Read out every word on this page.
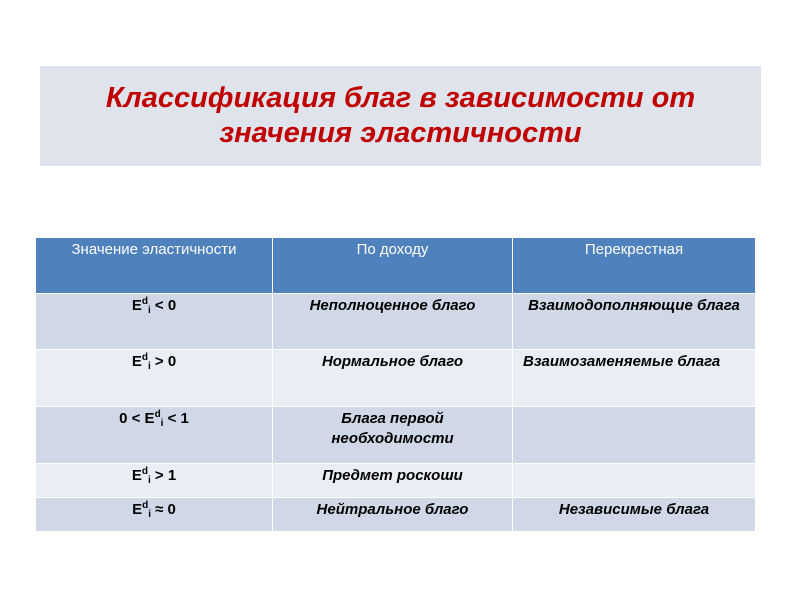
Классификация благ в зависимости от
значения эластичности
Значение эластичности	По доходу	Перекрестная
$E^d_i < 0$	Неполноценное благо	Взаимодополняющие блага
$E^d_i > 0$	Нормальное благо	Взаимозаменяемые блага
$0 < E^d_i < 1$	Блага первой необходимости	
$E^d_i > 1$	Предмет роскоши	
$E^d_i \approx 0$	Нейтральное благо	Независимые блага
